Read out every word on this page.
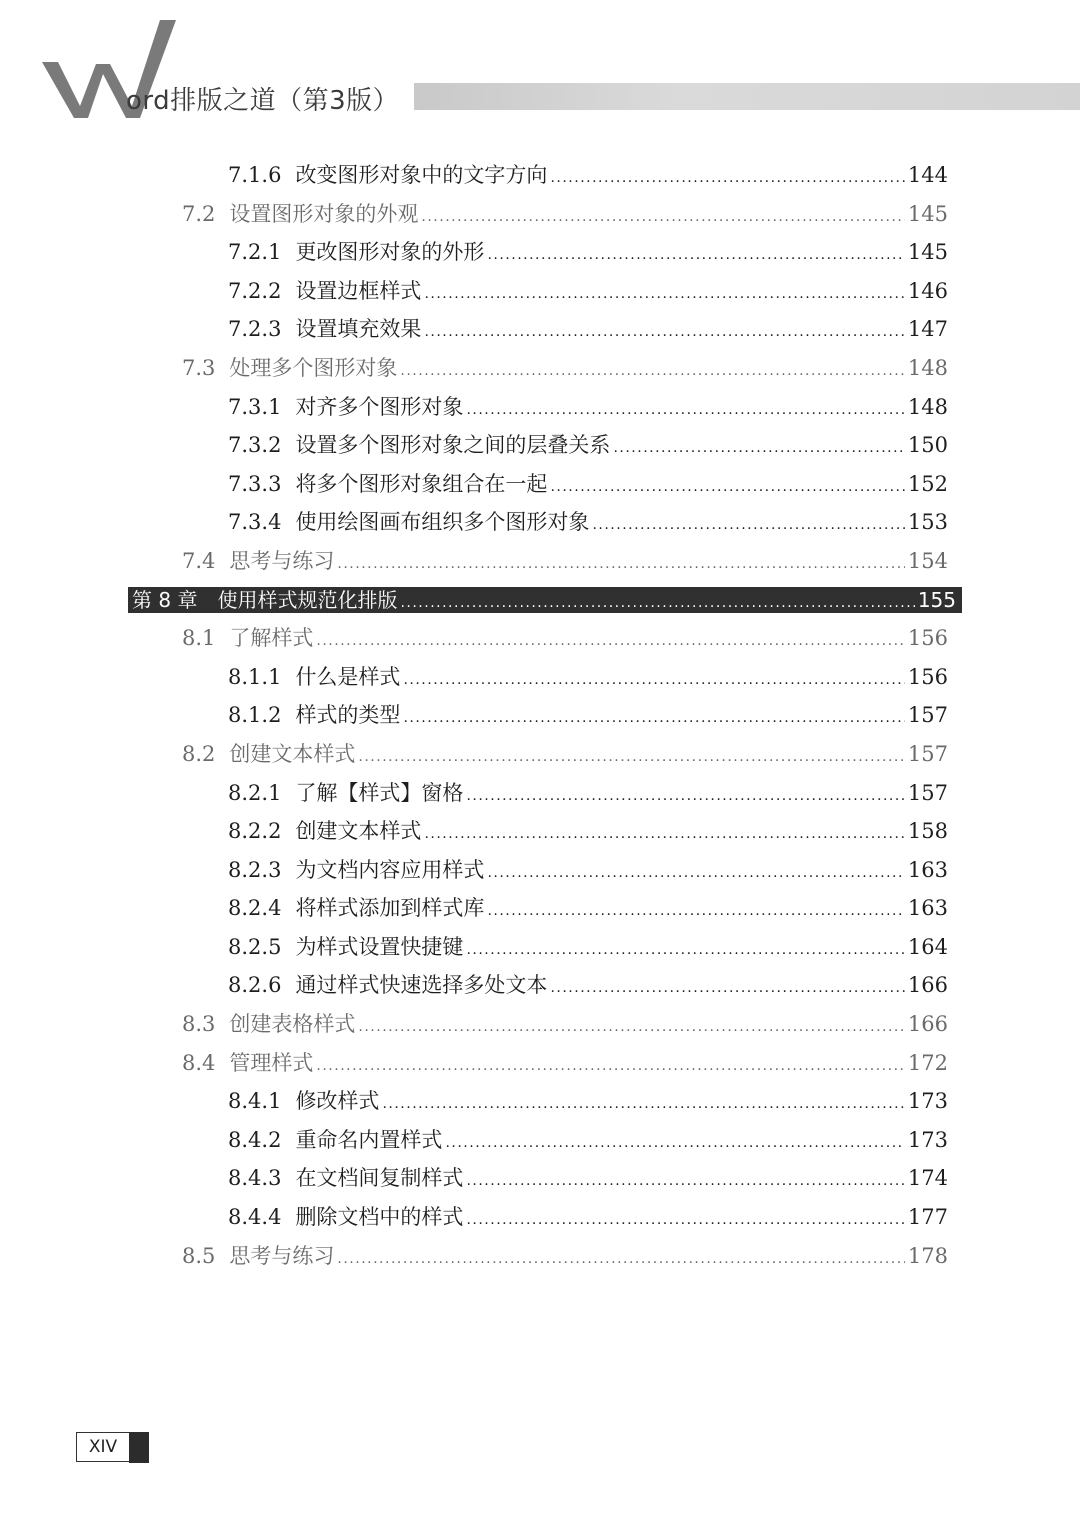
ord排版之道（第3版）
7.1.6 改变图形对象中的文字方向 .....	144
7.2 设置图形对象的外观 .....	145
7.2.1 更改图形对象的外形 .....	145
7.2.2 设置边框样式 .....	146
7.2.3 设置填充效果 .....	147
7.3 处理多个图形对象 .....	148
7.3.1 对齐多个图形对象 .....	148
7.3.2 设置多个图形对象之间的层叠关系 .....	150
7.3.3 将多个图形对象组合在一起 .....	152
7.3.4 使用绘图画布组织多个图形对象 .....	153
7.4 思考与练习 .....	154
第 8 章 使用样式规范化排版 .....	155
8.1 了解样式 .....	156
8.1.1 什么是样式 .....	156
8.1.2 样式的类型 .....	157
8.2 创建文本样式 .....	157
8.2.1 了解【样式】窗格 .....	157
8.2.2 创建文本样式 .....	158
8.2.3 为文档内容应用样式 .....	163
8.2.4 将样式添加到样式库 .....	163
8.2.5 为样式设置快捷键 .....	164
8.2.6 通过样式快速选择多处文本 .....	166
8.3 创建表格样式 .....	166
8.4 管理样式 .....	172
8.4.1 修改样式 .....	173
8.4.2 重命名内置样式 .....	173
8.4.3 在文档间复制样式 .....	174
8.4.4 删除文档中的样式 .....	177
8.5 思考与练习 .....	178
XIV
